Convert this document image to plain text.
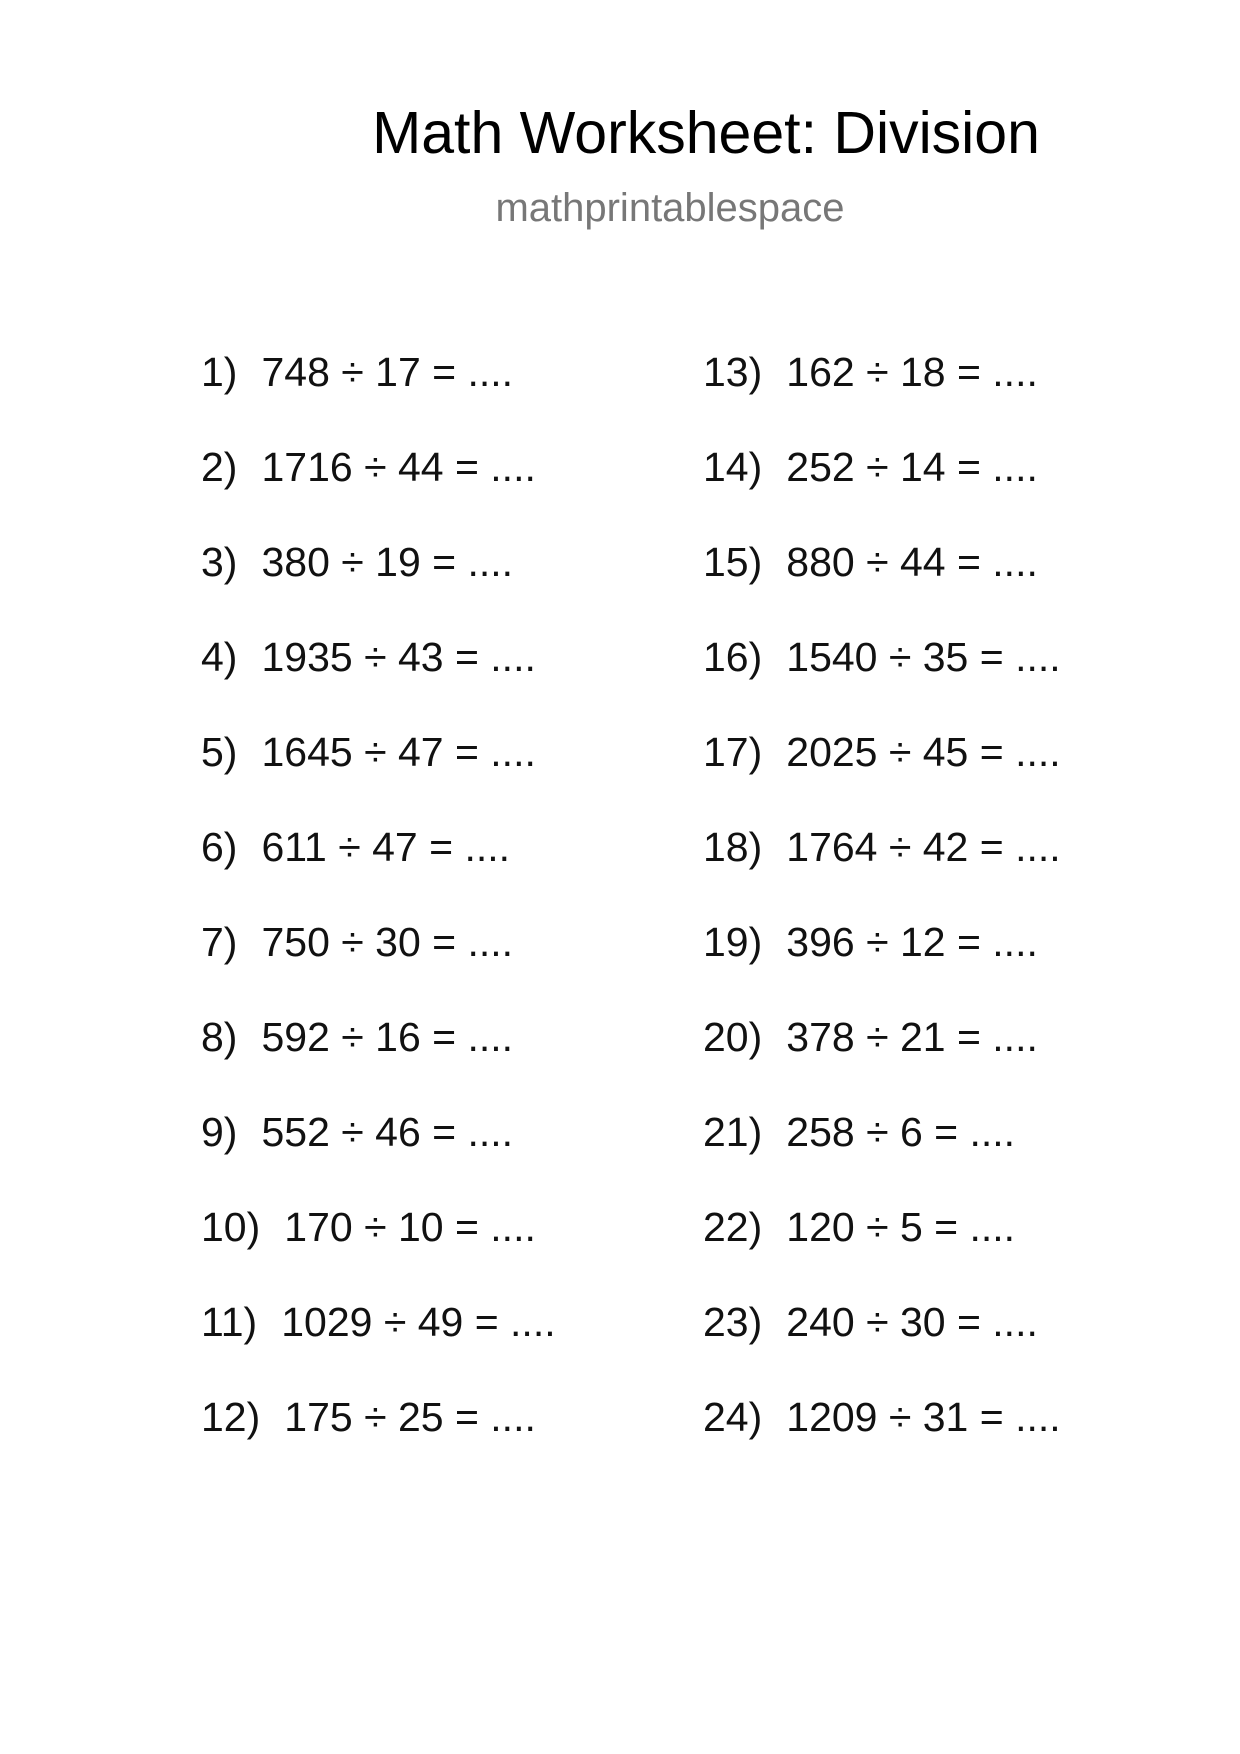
Math Worksheet: Division
mathprintablespace
1) 748 ÷ 17 = ....
2) 1716 ÷ 44 = ....
3) 380 ÷ 19 = ....
4) 1935 ÷ 43 = ....
5) 1645 ÷ 47 = ....
6) 611 ÷ 47 = ....
7) 750 ÷ 30 = ....
8) 592 ÷ 16 = ....
9) 552 ÷ 46 = ....
10) 170 ÷ 10 = ....
11) 1029 ÷ 49 = ....
12) 175 ÷ 25 = ....
13) 162 ÷ 18 = ....
14) 252 ÷ 14 = ....
15) 880 ÷ 44 = ....
16) 1540 ÷ 35 = ....
17) 2025 ÷ 45 = ....
18) 1764 ÷ 42 = ....
19) 396 ÷ 12 = ....
20) 378 ÷ 21 = ....
21) 258 ÷ 6 = ....
22) 120 ÷ 5 = ....
23) 240 ÷ 30 = ....
24) 1209 ÷ 31 = ....
